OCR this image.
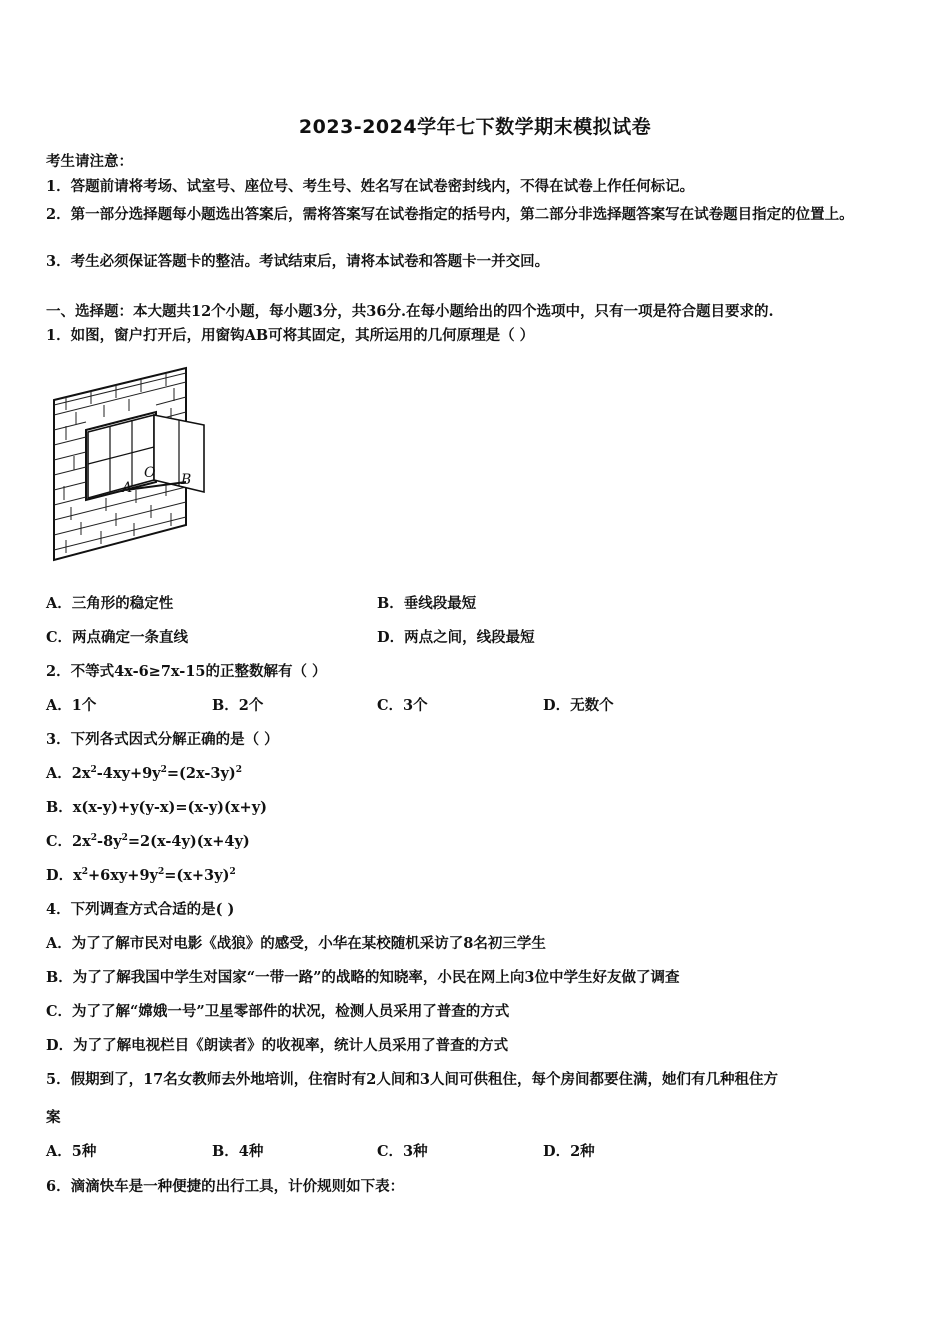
2023-2024学年七下数学期末模拟试卷
考生请注意：
1．答题前请将考场、试室号、座位号、考生号、姓名写在试卷密封线内，不得在试卷上作任何标记。
2．第一部分选择题每小题选出答案后，需将答案写在试卷指定的括号内，第二部分非选择题答案写在试卷题目指定的位置上。
3．考生必须保证答题卡的整洁。考试结束后，请将本试卷和答题卡一并交回。
一、选择题：本大题共12个小题，每小题3分，共36分.在每小题给出的四个选项中，只有一项是符合题目要求的.
1．如图，窗户打开后，用窗钩AB可将其固定，其所运用的几何原理是（ ）
A
O B
A．三角形的稳定性	B．垂线段最短
C．两点确定一条直线	D．两点之间，线段最短
2．不等式4x-6≥7x-15的正整数解有（ ）
A．1个	B．2个	C．3个	D．无数个
3．下列各式因式分解正确的是（ ）
A．$2x^2-4xy+9y^2=(2x-3y)^2$
B．x(x-y)+y(y-x)=(x-y)(x+y)
C．$2x^2-8y^2=2(x-4y)(x+4y)$
D．$x^2+6xy+9y^2=(x+3y)^2$
4．下列调查方式合适的是( )
A．为了了解市民对电影《战狼》的感受，小华在某校随机采访了8名初三学生
B．为了了解我国中学生对国家“一带一路”的战略的知晓率，小民在网上向3位中学生好友做了调查
C．为了了解“嫦娥一号”卫星零部件的状况，检测人员采用了普查的方式
D．为了了解电视栏目《朗读者》的收视率，统计人员采用了普查的方式
5．假期到了，17名女教师去外地培训，住宿时有2人间和3人间可供租住，每个房间都要住满，她们有几种租住方
案
A．5种	B．4种	C．3种	D．2种
6．滴滴快车是一种便捷的出行工具，计价规则如下表：
